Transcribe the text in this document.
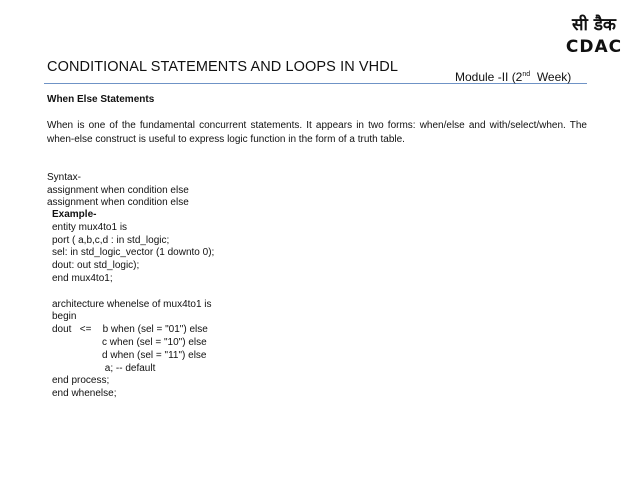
सी डैक
CDAC
CONDITIONAL STATEMENTS AND LOOPS IN VHDL
Module -II (2nd  Week)
When Else Statements
When is one of the fundamental concurrent statements. It appears in two forms: when/else and with/select/when. The when-else construct is useful to express logic function in the form of a truth table.

Syntax-
assignment when condition else
assignment when condition else
Example-
entity mux4to1 is
port ( a,b,c,d : in std_logic;
sel: in std_logic_vector (1 downto 0);
dout: out std_logic);
end mux4to1;
architecture whenelse of mux4to1 is
begin
dout   <=    b when (sel = "01") else
c when (sel = "10") else
d when (sel = "11") else
a; -- default
end process;
end whenelse;
